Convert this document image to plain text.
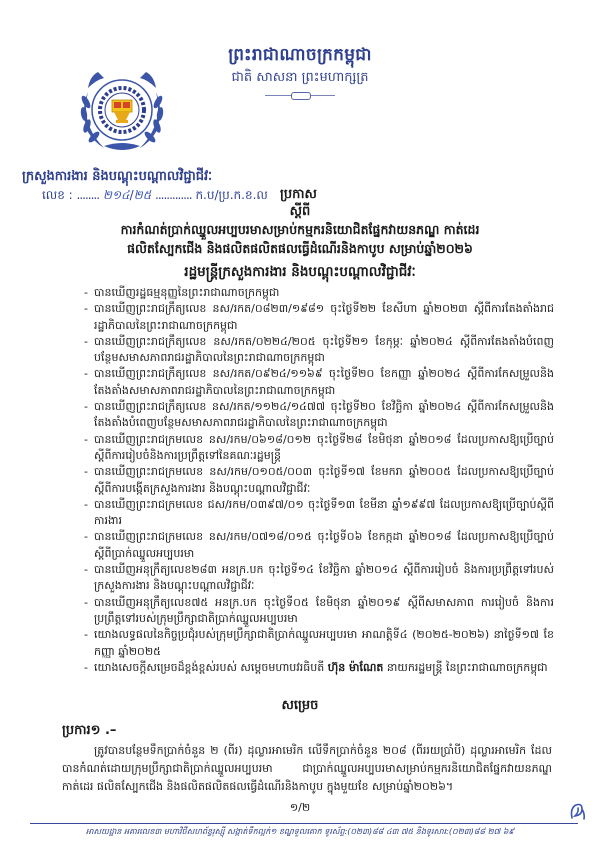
ព្រះរាជាណាចក្រកម្ពុជា
ជាតិ សាសនា ព្រះមហាក្សត្រ
ក្រសួងការងារ និងបណ្ដុះបណ្ដាលវិជ្ជាជីវៈ
លេខ : ........ ២១៤/២៥ ............. ក.ប/ប្រ.ក.ខ.ល ប្រកាស
ស្ដីពី
ការកំណត់ប្រាក់ឈ្នួលអប្បបរមាសម្រាប់កម្មករនិយោជិតផ្នែកវាយនភណ្ឌ កាត់ដេរ
ផលិតស្បែកជើង និងផលិតផលិតផលធ្វើដំណើរនិងកាបូប សម្រាប់ឆ្នាំ២០២៦
រដ្ឋមន្ត្រីក្រសួងការងារ និងបណ្ដុះបណ្ដាលវិជ្ជាជីវៈ
- បានឃើញរដ្ឋធម្មនុញ្ញនៃព្រះរាជាណាចក្រកម្ពុជា
- បានឃើញព្រះរាជក្រឹត្យលេខ នស/រកត/០៨២៣/១៩៨១ ចុះថ្ងៃទី២២ ខែសីហា ឆ្នាំ២០២៣ ស្ដីពីការតែងតាំងរាជរដ្ឋាភិបាលនៃព្រះរាជាណាចក្រកម្ពុជា
- បានឃើញព្រះរាជក្រឹត្យលេខ នស/រកត/០២២៤/២០៥ ចុះថ្ងៃទី២១ ខែកុម្ភៈ ឆ្នាំ២០២៤ ស្ដីពីការតែងតាំងបំពេញបន្ថែមសមាសភាពរាជរដ្ឋាភិបាលនៃព្រះរាជាណាចក្រកម្ពុជា
- បានឃើញព្រះរាជក្រឹត្យលេខ នស/រកត/០៩២៤/១១៦៩ ចុះថ្ងៃទី២០ ខែកញ្ញា ឆ្នាំ២០២៤ ស្ដីពីការកែសម្រួលនិងតែងតាំងសមាសភាពរាជរដ្ឋាភិបាលនៃព្រះរាជាណាចក្រកម្ពុជា
- បានឃើញព្រះរាជក្រឹត្យលេខ នស/រកត/១១២៤/១៤៧៧ ចុះថ្ងៃទី២០ ខែវិច្ឆិកា ឆ្នាំ២០២៤ ស្ដីពីការកែសម្រួលនិងតែងតាំងបំពេញបន្ថែមសមាសភាពរាជរដ្ឋាភិបាលនៃព្រះរាជាណាចក្រកម្ពុជា
- បានឃើញព្រះរាជក្រមលេខ នស/រកម/០៦១៨/០១២ ចុះថ្ងៃទី២៨ ខែមិថុនា ឆ្នាំ២០១៨ ដែលប្រកាសឱ្យប្រើច្បាប់ស្ដីពីការរៀបចំនិងការប្រព្រឹត្តទៅនៃគណៈរដ្ឋមន្ត្រី
- បានឃើញព្រះរាជក្រមលេខ នស/រកម/០១០៥/០០៣ ចុះថ្ងៃទី១៧ ខែមករា ឆ្នាំ២០០៥ ដែលប្រកាសឱ្យប្រើច្បាប់ស្ដីពីការបង្កើតក្រសួងការងារ និងបណ្ដុះបណ្ដាលវិជ្ជាជីវៈ
- បានឃើញព្រះរាជក្រមលេខ ជស/រកម/០៣៩៧/០១ ចុះថ្ងៃទី១៣ ខែមីនា ឆ្នាំ១៩៩៧ ដែលប្រកាសឱ្យប្រើច្បាប់ស្ដីពីការងារ
- បានឃើញព្រះរាជក្រមលេខ នស/រកម/០៧១៨/០១៥ ចុះថ្ងៃទី០៦ ខែកក្កដា ឆ្នាំ២០១៨ ដែលប្រកាសឱ្យប្រើច្បាប់ស្ដីពីប្រាក់ឈ្នួលអប្បបរមា
- បានឃើញអនុក្រឹត្យលេខ២៨៣ អនក្រ.បក ចុះថ្ងៃទី១៤ ខែវិច្ឆិកា ឆ្នាំ២០១៤ ស្ដីពីការរៀបចំ និងការប្រព្រឹត្តទៅរបស់ក្រសួងការងារ និងបណ្ដុះបណ្ដាលវិជ្ជាជីវៈ
- បានឃើញអនុក្រឹត្យលេខ៧៥ អនក្រ.បក ចុះថ្ងៃទី០៥ ខែមិថុនា ឆ្នាំ២០១៩ ស្ដីពីសមាសភាព ការរៀបចំ និងការប្រព្រឹត្តទៅរបស់ក្រុមប្រឹក្សាជាតិប្រាក់ឈ្នួលអប្បបរមា
- យោងលទ្ធផលនៃកិច្ចប្រជុំរបស់ក្រុមប្រឹក្សាជាតិប្រាក់ឈ្នួលអប្បបរមា អាណត្តិទី៤ (២០២៥-២០២៦) នាថ្ងៃទី១៧ ខែកញ្ញា ឆ្នាំ២០២៥
- យោងសេចក្ដីសម្រេចដ៏ខ្ពង់ខ្ពស់របស់ សម្ដេចមហាបវរធិបតី ហ៊ុន ម៉ាណែត នាយករដ្ឋមន្ត្រី នៃព្រះរាជាណាចក្រកម្ពុជា
សម្រេច
ប្រការ១ .–

ត្រូវបានបន្ថែមទឹកប្រាក់ចំនួន ២ (ពីរ) ដុល្លារអាមេរិក លើទឹកប្រាក់ចំនួន ២០៨ (ពីររយប្រាំបី) ដុល្លារអាមេរិក ដែលបានកំណត់ដោយក្រុមប្រឹក្សាជាតិប្រាក់ឈ្នួលអប្បបរមា ជាប្រាក់ឈ្នួលអប្បបរមាសម្រាប់កម្មករនិយោជិតផ្នែកវាយនភណ្ឌ កាត់ដេរ ផលិតស្បែកជើង និងផលិតផលិតផលធ្វើដំណើរនិងកាបូប ក្នុងមួយខែ សម្រាប់ឆ្នាំ២០២៦។

១/២
អាសយដ្ឋាន អគារលេខ៣ មហាវិថីសហព័ន្ធរុស្ស៊ី សង្កាត់ទឹកល្អក់១ ខណ្ឌទួលគោក ទូរស័ព្ទ:(០២៣)៨៨ ៤៣ ៧៥ និងទូរសារ:(០២៣)៨៨ ២៧ ៦៩
